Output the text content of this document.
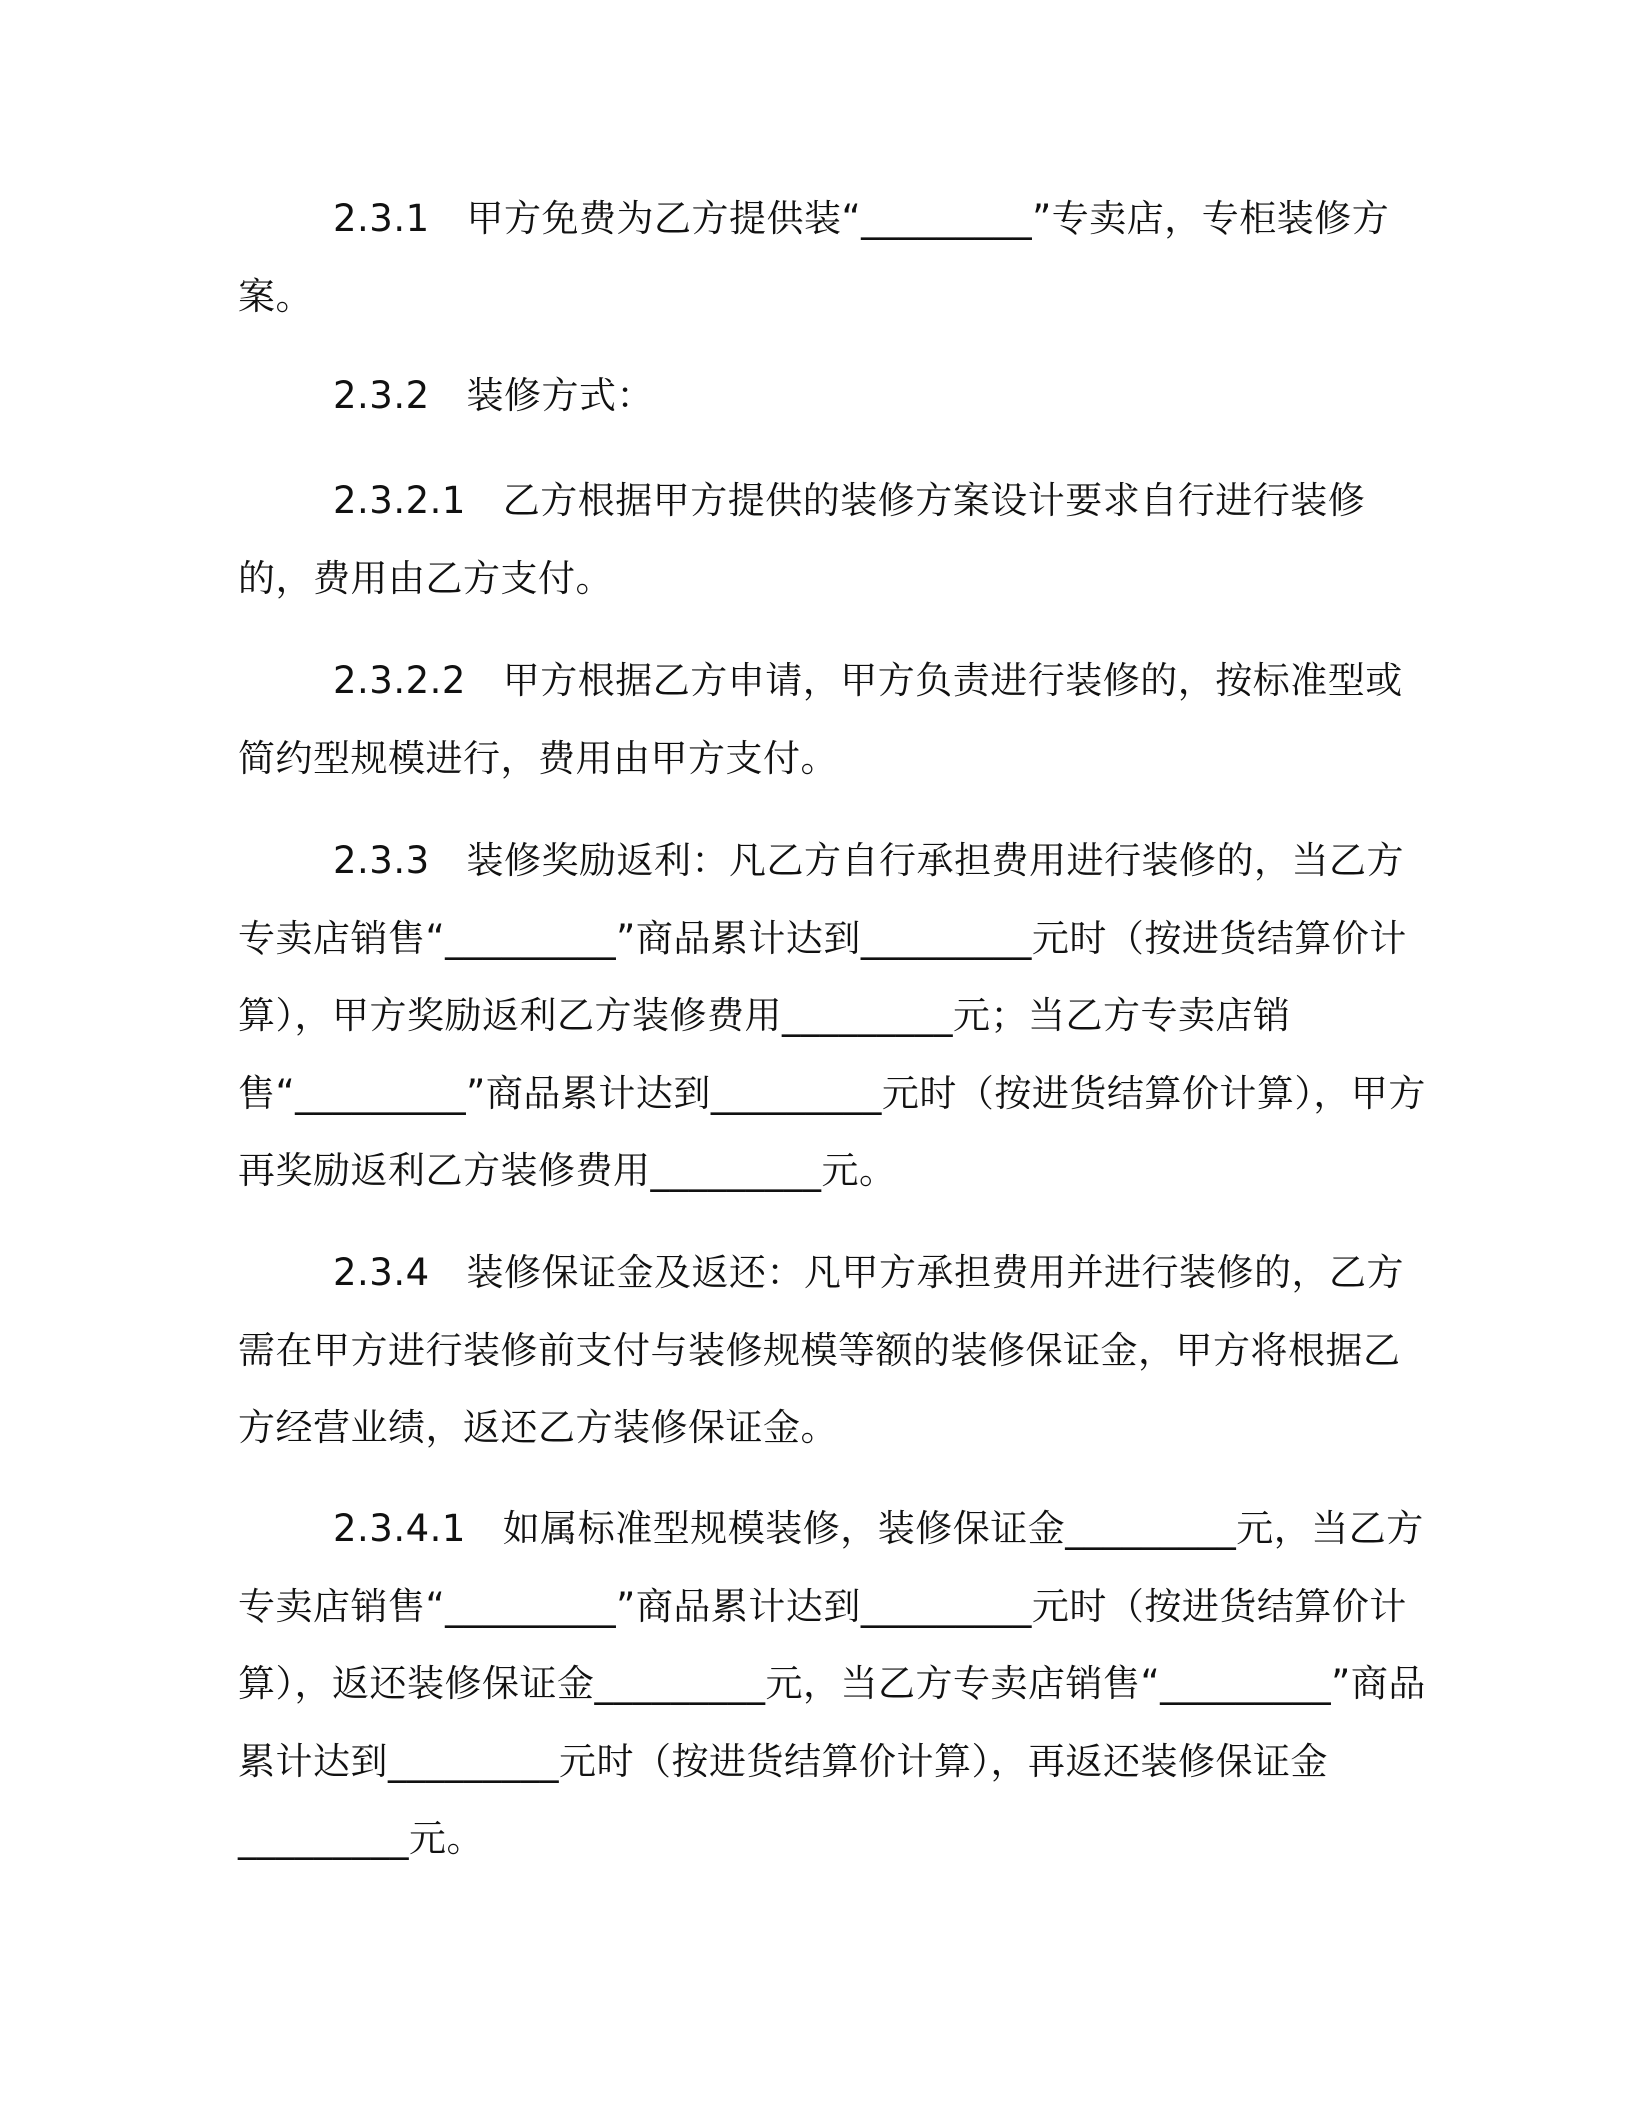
2.3.1 甲方免费为乙方提供装“_________”专卖店，专柜装修方案。

2.3.2 装修方式：

2.3.2.1 乙方根据甲方提供的装修方案设计要求自行进行装修的，费用由乙方支付。

2.3.2.2 甲方根据乙方申请，甲方负责进行装修的，按标准型或简约型规模进行，费用由甲方支付。

2.3.3 装修奖励返利：凡乙方自行承担费用进行装修的，当乙方专卖店销售“_________”商品累计达到_________元时（按进货结算价计算），甲方奖励返利乙方装修费用_________元；当乙方专卖店销售“_________”商品累计达到_________元时（按进货结算价计算），甲方再奖励返利乙方装修费用_________元。

2.3.4 装修保证金及返还：凡甲方承担费用并进行装修的，乙方需在甲方进行装修前支付与装修规模等额的装修保证金，甲方将根据乙方经营业绩，返还乙方装修保证金。

2.3.4.1 如属标准型规模装修，装修保证金_________元，当乙方专卖店销售“_________”商品累计达到_________元时（按进货结算价计算），返还装修保证金_________元，当乙方专卖店销售“_________”商品累计达到_________元时（按进货结算价计算），再返还装修保证金_________元。
